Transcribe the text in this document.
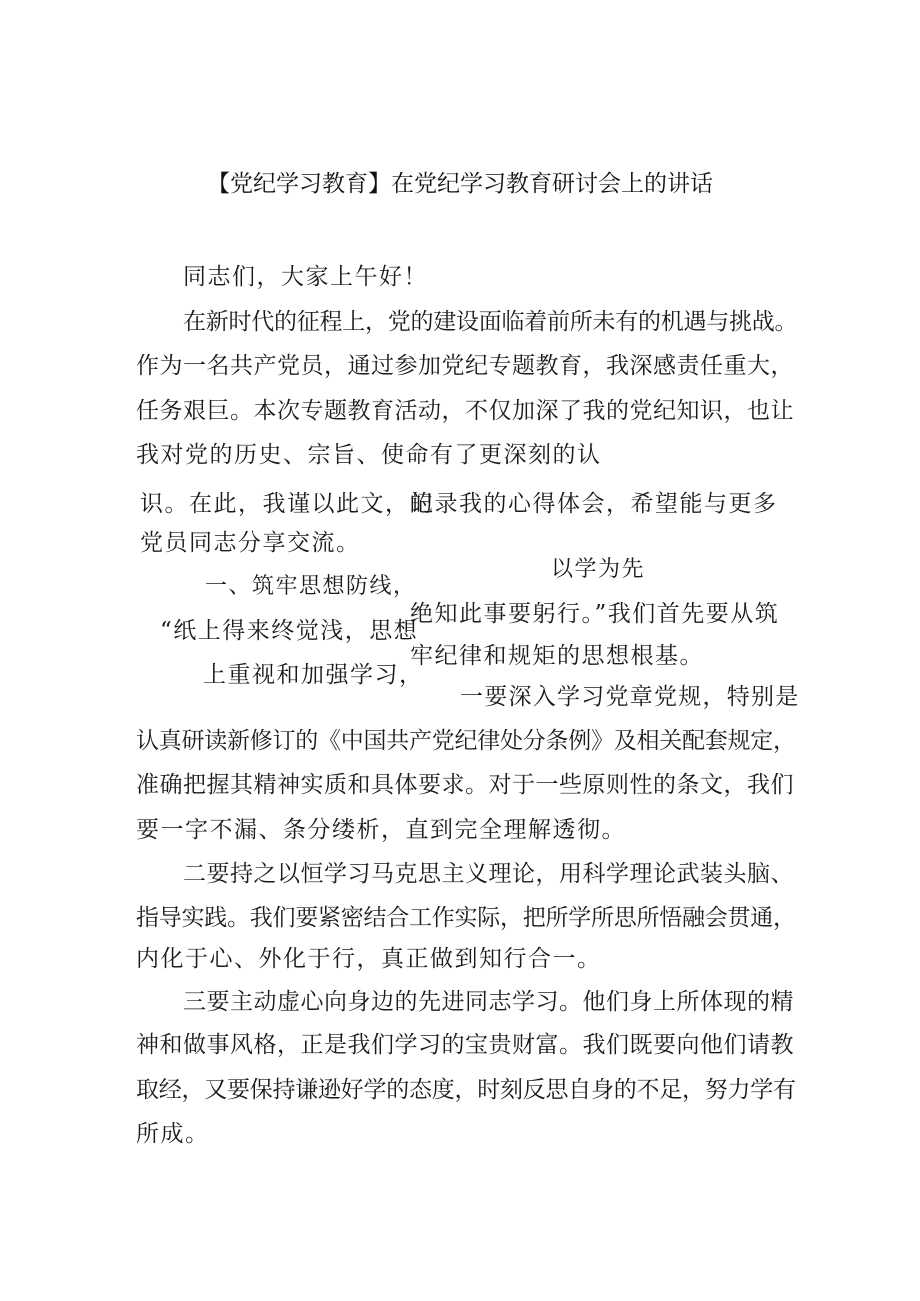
【党纪学习教育】在党纪学习教育研讨会上的讲话
同志们，大家上午好！
在新时代的征程上，党的建设面临着前所未有的机遇与挑战。
作为一名共产党员，通过参加党纪专题教育，我深感责任重大，
任务艰巨。本次专题教育活动，不仅加深了我的党纪知识，也让
我对党的历史、宗旨、使命有了更深刻的认
识。在此，我谨以此文，的
记录我的心得体会，希望能与更多
党员同志分享交流。
一、筑牢思想防线，
以学为先
“纸上得来终觉浅，思想
绝知此事要躬行。”我们首先要从筑
上重视和加强学习，
牢纪律和规矩的思想根基。
一要深入学习党章党规，特别是
认真研读新修订的《中国共产党纪律处分条例》及相关配套规定，
准确把握其精神实质和具体要求。对于一些原则性的条文，我们
要一字不漏、条分缕析，直到完全理解透彻。
二要持之以恒学习马克思主义理论，用科学理论武装头脑、
指导实践。我们要紧密结合工作实际，把所学所思所悟融会贯通，
内化于心、外化于行，真正做到知行合一。
三要主动虚心向身边的先进同志学习。他们身上所体现的精
神和做事风格，正是我们学习的宝贵财富。我们既要向他们请教
取经，又要保持谦逊好学的态度，时刻反思自身的不足，努力学有
所成。
